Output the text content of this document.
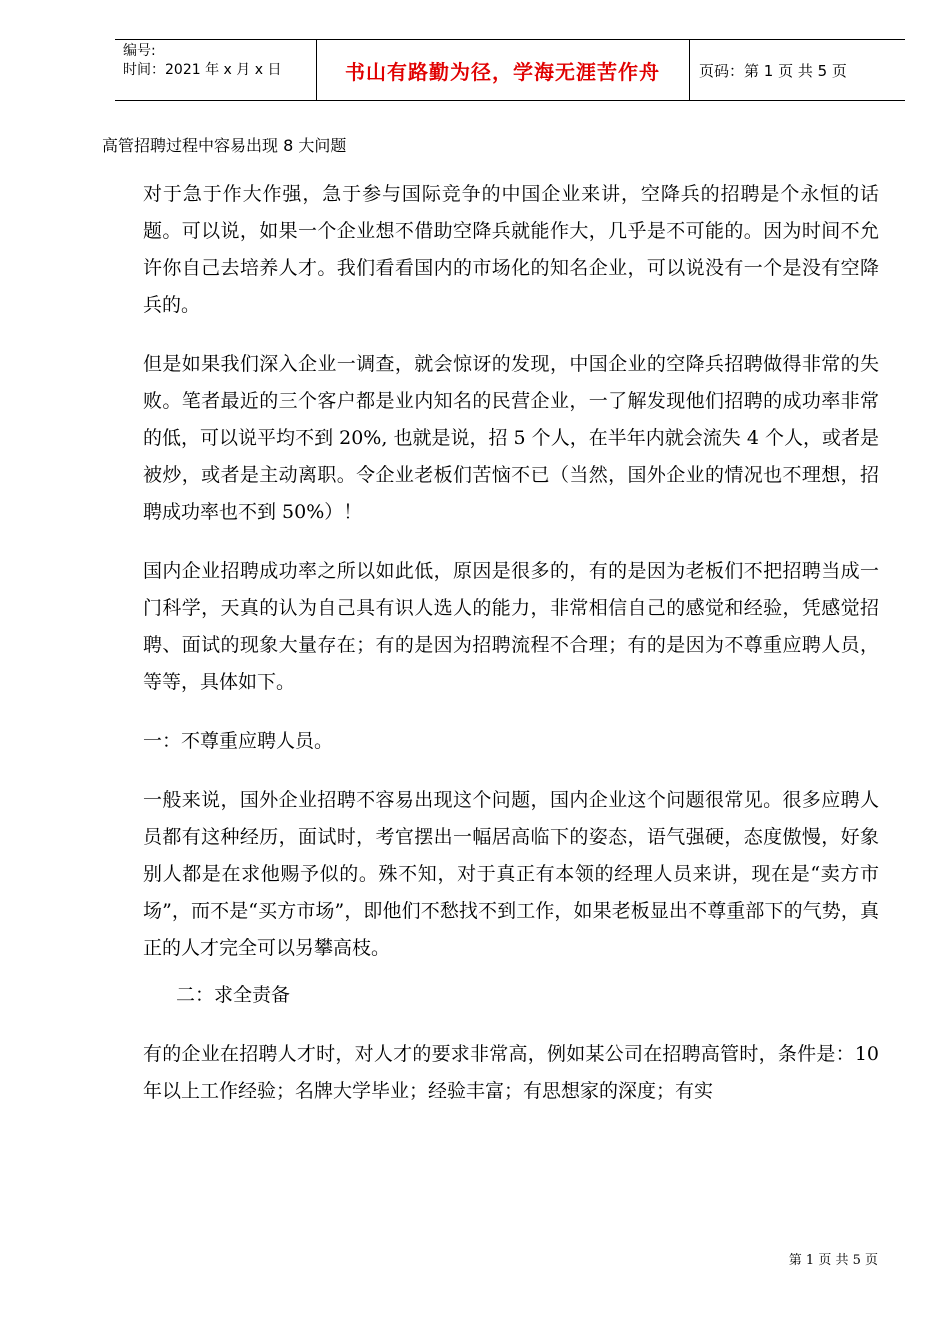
编号:
时间：2021 年 x 月 x 日	书山有路勤为径，学海无涯苦作舟	页码：第 1 页 共 5 页
高管招聘过程中容易出现 8 大问题

对于急于作大作强，急于参与国际竞争的中国企业来讲，空降兵的招聘是个永恒的话题。可以说，如果一个企业想不借助空降兵就能作大，几乎是不可能的。因为时间不允许你自己去培养人才。我们看看国内的市场化的知名企业，可以说没有一个是没有空降兵的。

但是如果我们深入企业一调查，就会惊讶的发现，中国企业的空降兵招聘做得非常的失败。笔者最近的三个客户都是业内知名的民营企业，一了解发现他们招聘的成功率非常的低，可以说平均不到 20%, 也就是说，招 5 个人，在半年内就会流失 4 个人，或者是被炒，或者是主动离职。令企业老板们苦恼不已（当然，国外企业的情况也不理想，招聘成功率也不到 50%）！

国内企业招聘成功率之所以如此低，原因是很多的，有的是因为老板们不把招聘当成一门科学，天真的认为自己具有识人选人的能力，非常相信自己的感觉和经验，凭感觉招聘、面试的现象大量存在；有的是因为招聘流程不合理；有的是因为不尊重应聘人员，等等，具体如下。

一：不尊重应聘人员。

一般来说，国外企业招聘不容易出现这个问题，国内企业这个问题很常见。很多应聘人员都有这种经历，面试时，考官摆出一幅居高临下的姿态，语气强硬，态度傲慢，好象别人都是在求他赐予似的。殊不知，对于真正有本领的经理人员来讲，现在是“卖方市场”，而不是“买方市场”，即他们不愁找不到工作，如果老板显出不尊重部下的气势，真正的人才完全可以另攀高枝。

二：求全责备

有的企业在招聘人才时，对人才的要求非常高，例如某公司在招聘高管时，条件是：10 年以上工作经验；名牌大学毕业；经验丰富；有思想家的深度；有实

第 1 页 共 5 页
